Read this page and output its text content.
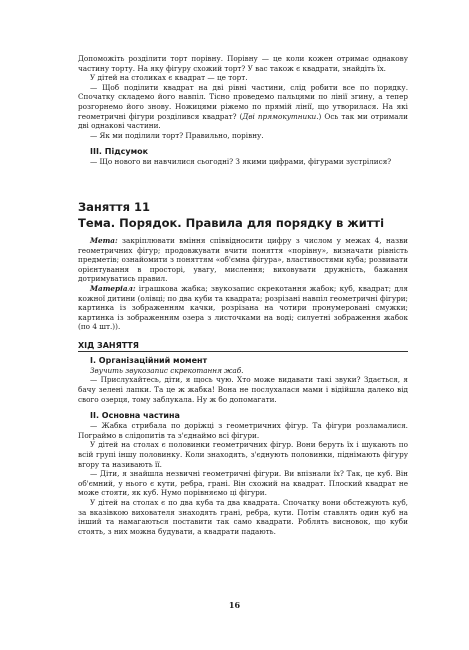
Допоможіть розділити торт порівну. Порівну — це коли кожен отримає однакову частину торту. На яку фігуру схожий торт? У вас також є квадрати, знайдіть їх.

У дітей на столиках є квадрат — це торт.

— Щоб поділити квадрат на дві рівні частини, слід робити все по порядку. Спочатку складемо його навпіл. Тісно проведемо пальцями по лінії згину, а тепер розгорнемо його знову. Ножицями ріжемо по прямій лінії, що утворилася. На які геометричні фігури розділився квадрат? (Дві прямокутники.) Ось так ми отримали дві однакові частини.

— Як ми поділили торт? Правильно, порівну.

III. Підсумок

— Що нового ви навчилися сьогодні? З якими цифрами, фігурами зустрілися?

Заняття 11

Тема. Порядок. Правила для порядку в житті

Мета: закріплювати вміння співвідносити цифру з числом у межах 4, назви геометричних фігур; продовжувати вчити поняття «порівну», визначати рівність предметів; ознайомити з поняттям «об'ємна фігура», властивостями куба; розвивати орієнтування в просторі, увагу, мислення; виховувати дружність, бажання дотримуватись правил.

Матеріал: іграшкова жабка; звукозапис скрекотання жабок; куб, квадрат; для кожної дитини (олівці; по два куби та квадрата; розрізані навпіл геометричні фігури; картинка із зображенням качки, розрізана на чотири пронумеровані смужки; картинка із зображенням озера з листочками на воді; силуетні зображення жабок (по 4 шт.)).

ХІД ЗАНЯТТЯ

І. Організаційний момент

Звучить звукозапис скрекотання жаб.

— Прислухайтесь, діти, я щось чую. Хто може видавати такі звуки? Здається, я бачу зелені лапки. Та це ж жабка! Вона не послухалася мами і відійшла далеко від свого озерця, тому заблукала. Ну ж бо допомагати.

II. Основна частина

— Жабка стрибала по доріжці з геометричних фігур. Та фігури розламалися. Пограймо в слідопитів та з'єднаймо всі фігури.

У дітей на столах є половинки геометричних фігур. Вони беруть їх і шукають по всій групі іншу половинку. Коли знаходять, з'єднують половинки, піднімають фігуру вгору та називають її.

— Діти, я знайшла незвичні геометричні фігури. Ви впізнали їх? Так, це куб. Він об'ємний, у нього є кути, ребра, грані. Він схожий на квадрат. Плоский квадрат не може стояти, як куб. Нумо порівняємо ці фігури.

У дітей на столах є по два куба та два квадрата. Спочатку вони обстежують куб, за вказівкою вихователя знаходять грані, ребра, кути. Потім ставлять один куб на інший та намагаються поставити так само квадрати. Роблять висновок, що куби стоять, з них можна будувати, а квадрати падають.

16
